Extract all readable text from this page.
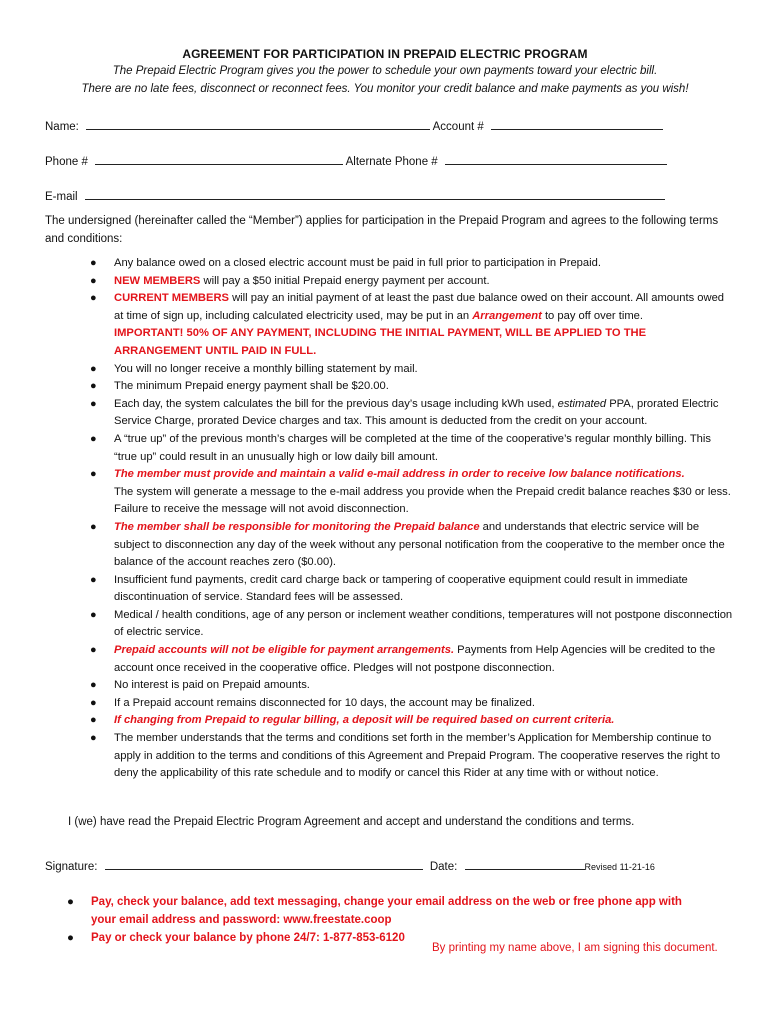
AGREEMENT FOR PARTICIPATION IN PREPAID ELECTRIC PROGRAM
The Prepaid Electric Program gives you the power to schedule your own payments toward your electric bill.
There are no late fees, disconnect or reconnect fees. You monitor your credit balance and make payments as you wish!
Name:	Account #
Phone #	Alternate Phone #
E-mail
The undersigned (hereinafter called the “Member”) applies for participation in the Prepaid Program and agrees to the following terms and conditions:
● Any balance owed on a closed electric account must be paid in full prior to participation in Prepaid.
● NEW MEMBERS will pay a $50 initial Prepaid energy payment per account.
● CURRENT MEMBERS will pay an initial payment of at least the past due balance owed on their account. All amounts owed at time of sign up, including calculated electricity used, may be put in an Arrangement to pay off over time.
IMPORTANT! 50% OF ANY PAYMENT, INCLUDING THE INITIAL PAYMENT, WILL BE APPLIED TO THE ARRANGEMENT UNTIL PAID IN FULL.
● You will no longer receive a monthly billing statement by mail.
● The minimum Prepaid energy payment shall be $20.00.
● Each day, the system calculates the bill for the previous day’s usage including kWh used, estimated PPA, prorated Electric Service Charge, prorated Device charges and tax. This amount is deducted from the credit on your account.
● A “true up” of the previous month’s charges will be completed at the time of the cooperative’s regular monthly billing. This “true up” could result in an unusually high or low daily bill amount.
● The member must provide and maintain a valid e-mail address in order to receive low balance notifications.
The system will generate a message to the e-mail address you provide when the Prepaid credit balance reaches $30 or less. Failure to receive the message will not avoid disconnection.
● The member shall be responsible for monitoring the Prepaid balance and understands that electric service will be subject to disconnection any day of the week without any personal notification from the cooperative to the member once the balance of the account reaches zero ($0.00).
● Insufficient fund payments, credit card charge back or tampering of cooperative equipment could result in immediate discontinuation of service. Standard fees will be assessed.
● Medical / health conditions, age of any person or inclement weather conditions, temperatures will not postpone disconnection of electric service.
● Prepaid accounts will not be eligible for payment arrangements. Payments from Help Agencies will be credited to the account once received in the cooperative office. Pledges will not postpone disconnection.
● No interest is paid on Prepaid amounts.
● If a Prepaid account remains disconnected for 10 days, the account may be finalized.
● If changing from Prepaid to regular billing, a deposit will be required based on current criteria.
● The member understands that the terms and conditions set forth in the member’s Application for Membership continue to apply in addition to the terms and conditions of this Agreement and Prepaid Program. The cooperative reserves the right to deny the applicability of this rate schedule and to modify or cancel this Rider at any time with or without notice.
I (we) have read the Prepaid Electric Program Agreement and accept and understand the conditions and terms.
Signature:	Date:	Revised 11-21-16
● Pay, check your balance, add text messaging, change your email address on the web or free phone app with your email address and password: www.freestate.coop
● Pay or check your balance by phone 24/7: 1-877-853-6120
By printing my name above, I am signing this document.
